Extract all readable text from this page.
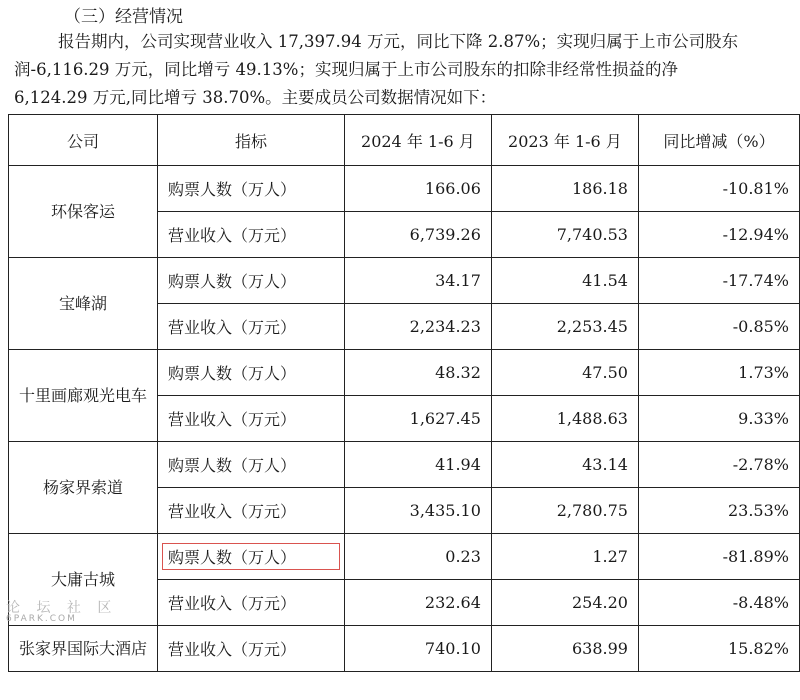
（三）经营情况
报告期内，公司实现营业收入 17,397.94 万元，同比下降 2.87%；实现归属于上市公司股东
润-6,116.29 万元，同比增亏 49.13%；实现归属于上市公司股东的扣除非经常性损益的净
6,124.29 万元,同比增亏 38.70%。主要成员公司数据情况如下：
公司	指标	2024 年 1-6 月	2023 年 1-6 月	同比增减（%）
环保客运	购票人数（万人）	166.06	186.18	-10.81%
	营业收入（万元）	6,739.26	7,740.53	-12.94%
宝峰湖	购票人数（万人）	34.17	41.54	-17.74%
	营业收入（万元）	2,234.23	2,253.45	-0.85%
十里画廊观光电车	购票人数（万人）	48.32	47.50	1.73%
	营业收入（万元）	1,627.45	1,488.63	9.33%
杨家界索道	购票人数（万人）	41.94	43.14	-2.78%
	营业收入（万元）	3,435.10	2,780.75	23.53%
大庸古城	购票人数（万人）	0.23	1.27	-81.89%
	营业收入（万元）	232.64	254.20	-8.48%
张家界国际大酒店	营业收入（万元）	740.10	638.99	15.82%
论 坛 社 区
6PARK.COM
